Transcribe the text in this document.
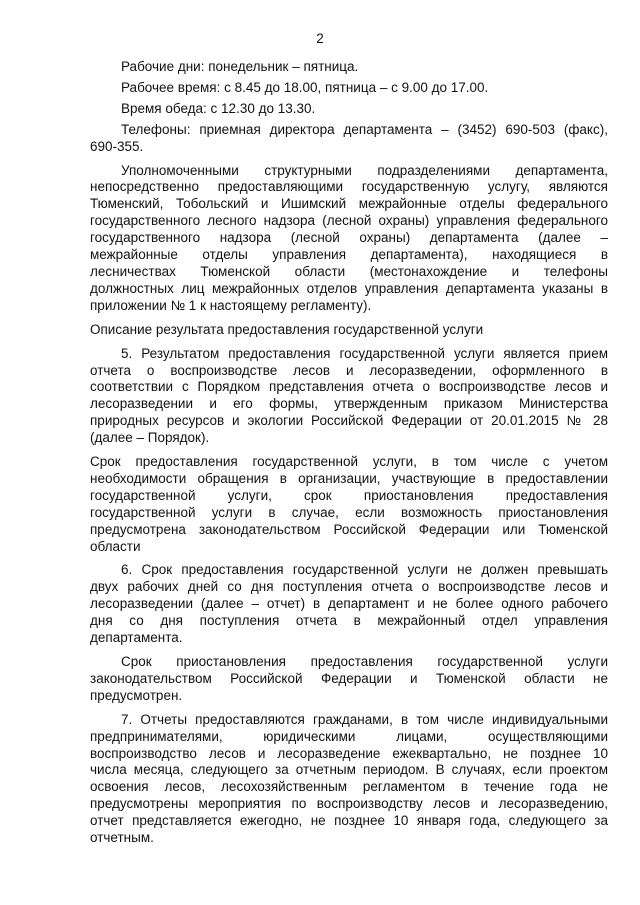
2
Рабочие дни: понедельник – пятница.
Рабочее время: с 8.45 до 18.00, пятница – с 9.00 до 17.00.
Время обеда: с 12.30 до 13.30.
Телефоны: приемная директора департамента – (3452) 690-503 (факс),
690-355.
Уполномоченными структурными подразделениями департамента,
непосредственно предоставляющими государственную услугу, являются
Тюменский, Тобольский и Ишимский межрайонные отделы федерального
государственного лесного надзора (лесной охраны) управления федерального
государственного надзора (лесной охраны) департамента (далее –
межрайонные отделы управления департамента), находящиеся в
лесничествах Тюменской области (местонахождение и телефоны
должностных лиц межрайонных отделов управления департамента указаны в
приложении № 1 к настоящему регламенту).
Описание результата предоставления государственной услуги
5. Результатом предоставления государственной услуги является прием
отчета о воспроизводстве лесов и лесоразведении, оформленного в
соответствии с Порядком представления отчета о воспроизводстве лесов и
лесоразведении и его формы, утвержденным приказом Министерства
природных ресурсов и экологии Российской Федерации от 20.01.2015 № 28
(далее – Порядок).
Срок предоставления государственной услуги, в том числе с учетом
необходимости обращения в организации, участвующие в предоставлении
государственной услуги, срок приостановления предоставления
государственной услуги в случае, если возможность приостановления
предусмотрена законодательством Российской Федерации или Тюменской
области
6. Срок предоставления государственной услуги не должен превышать
двух рабочих дней со дня поступления отчета о воспроизводстве лесов и
лесоразведении (далее – отчет) в департамент и не более одного рабочего
дня со дня поступления отчета в межрайонный отдел управления
департамента.
Срок приостановления предоставления государственной услуги
законодательством Российской Федерации и Тюменской области не
предусмотрен.
7. Отчеты предоставляются гражданами, в том числе индивидуальными
предпринимателями, юридическими лицами, осуществляющими
воспроизводство лесов и лесоразведение ежеквартально, не позднее 10
числа месяца, следующего за отчетным периодом. В случаях, если проектом
освоения лесов, лесохозяйственным регламентом в течение года не
предусмотрены мероприятия по воспроизводству лесов и лесоразведению,
отчет представляется ежегодно, не позднее 10 января года, следующего за
отчетным.
